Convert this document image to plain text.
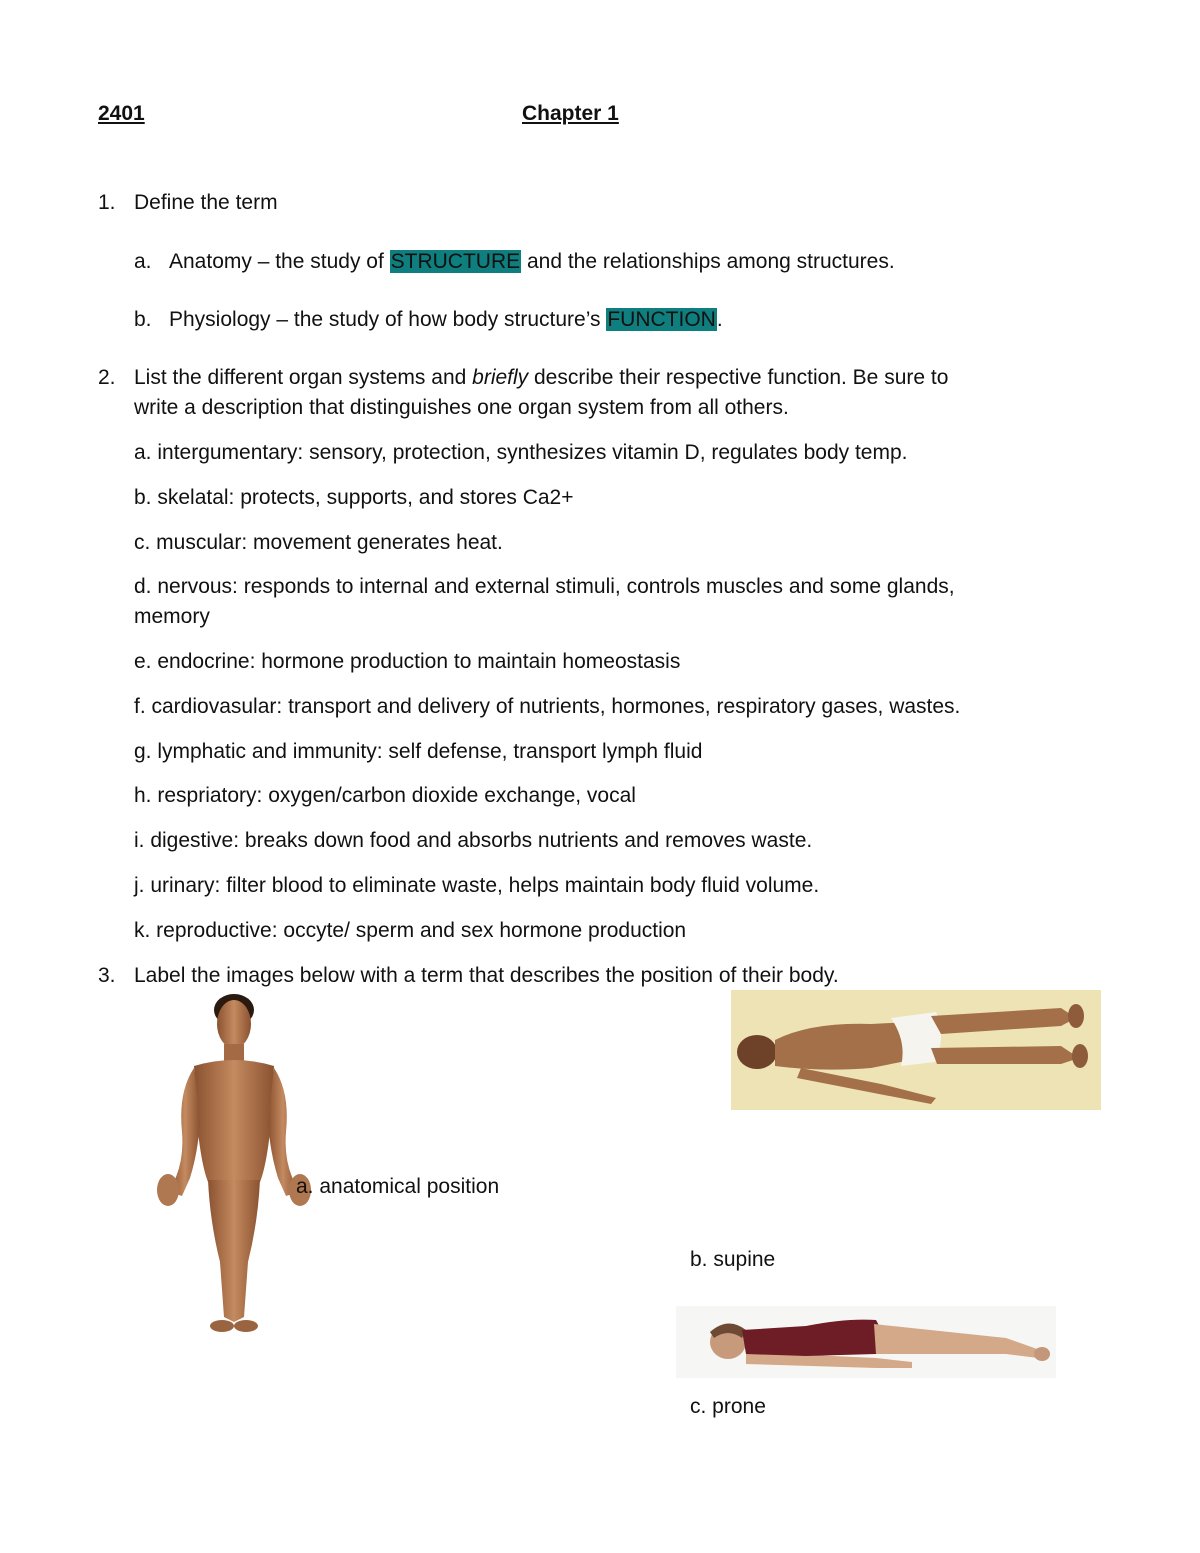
2401	Chapter 1
1. Define the term
a. Anatomy – the study of STRUCTURE and the relationships among structures.
b. Physiology – the study of how body structure’s FUNCTION.
2. List the different organ systems and briefly describe their respective function. Be sure to
write a description that distinguishes one organ system from all others.
a. intergumentary: sensory, protection, synthesizes vitamin D, regulates body temp.
b. skelatal: protects, supports, and stores Ca2+
c. muscular: movement generates heat.
d. nervous: responds to internal and external stimuli, controls muscles and some glands,
memory
e. endocrine: hormone production to maintain homeostasis
f. cardiovasular: transport and delivery of nutrients, hormones, respiratory gases, wastes.
g. lymphatic and immunity: self defense, transport lymph fluid
h. respriatory: oxygen/carbon dioxide exchange, vocal
i. digestive: breaks down food and absorbs nutrients and removes waste.
j. urinary: filter blood to eliminate waste, helps maintain body fluid volume.
k. reproductive: occyte/ sperm and sex hormone production
3. Label the images below with a term that describes the position of their body.
a. anatomical position
b. supine
c. prone
